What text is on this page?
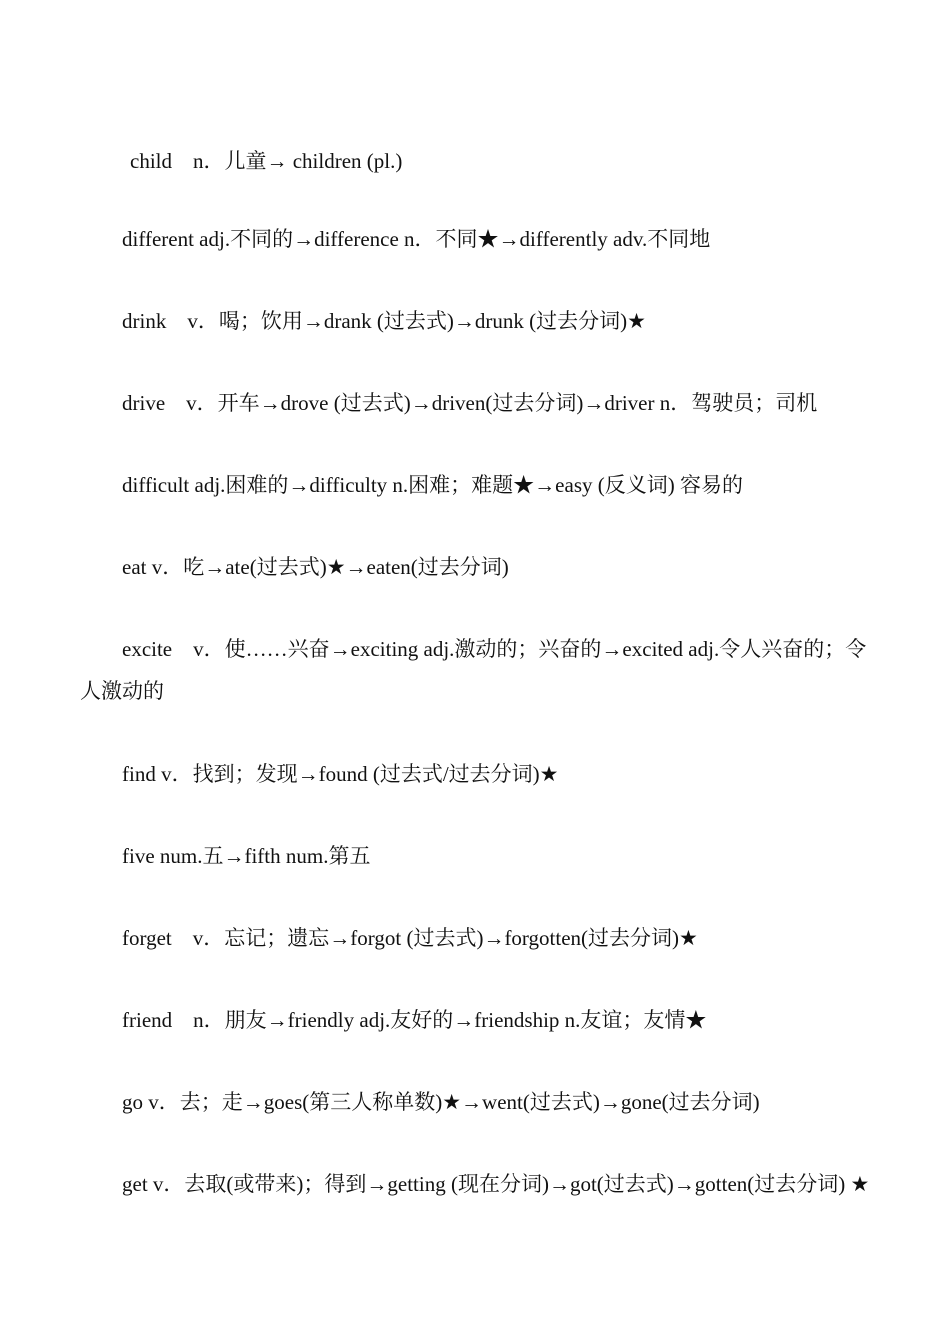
child　n．儿童→ children (pl.)

different adj.不同的→difference n．不同★→differently adv.不同地

drink　v．喝；饮用→drank (过去式)→drunk (过去分词)★

drive　v．开车→drove (过去式)→driven(过去分词)→driver n．驾驶员；司机

difficult adj.困难的→difficulty n.困难；难题★→easy (反义词) 容易的

eat v．吃→ate(过去式)★→eaten(过去分词)

excite　v．使……兴奋→exciting adj.激动的；兴奋的→excited adj.令人兴奋的；令人激动的

find v．找到；发现→found (过去式/过去分词)★

five num.五→fifth num.第五

forget　v．忘记；遗忘→forgot (过去式)→forgotten(过去分词)★

friend　n．朋友→friendly adj.友好的→friendship n.友谊；友情★

go v．去；走→goes(第三人称单数)★→went(过去式)→gone(过去分词)

get v．去取(或带来)；得到→getting (现在分词)→got(过去式)→gotten(过去分词) ★
